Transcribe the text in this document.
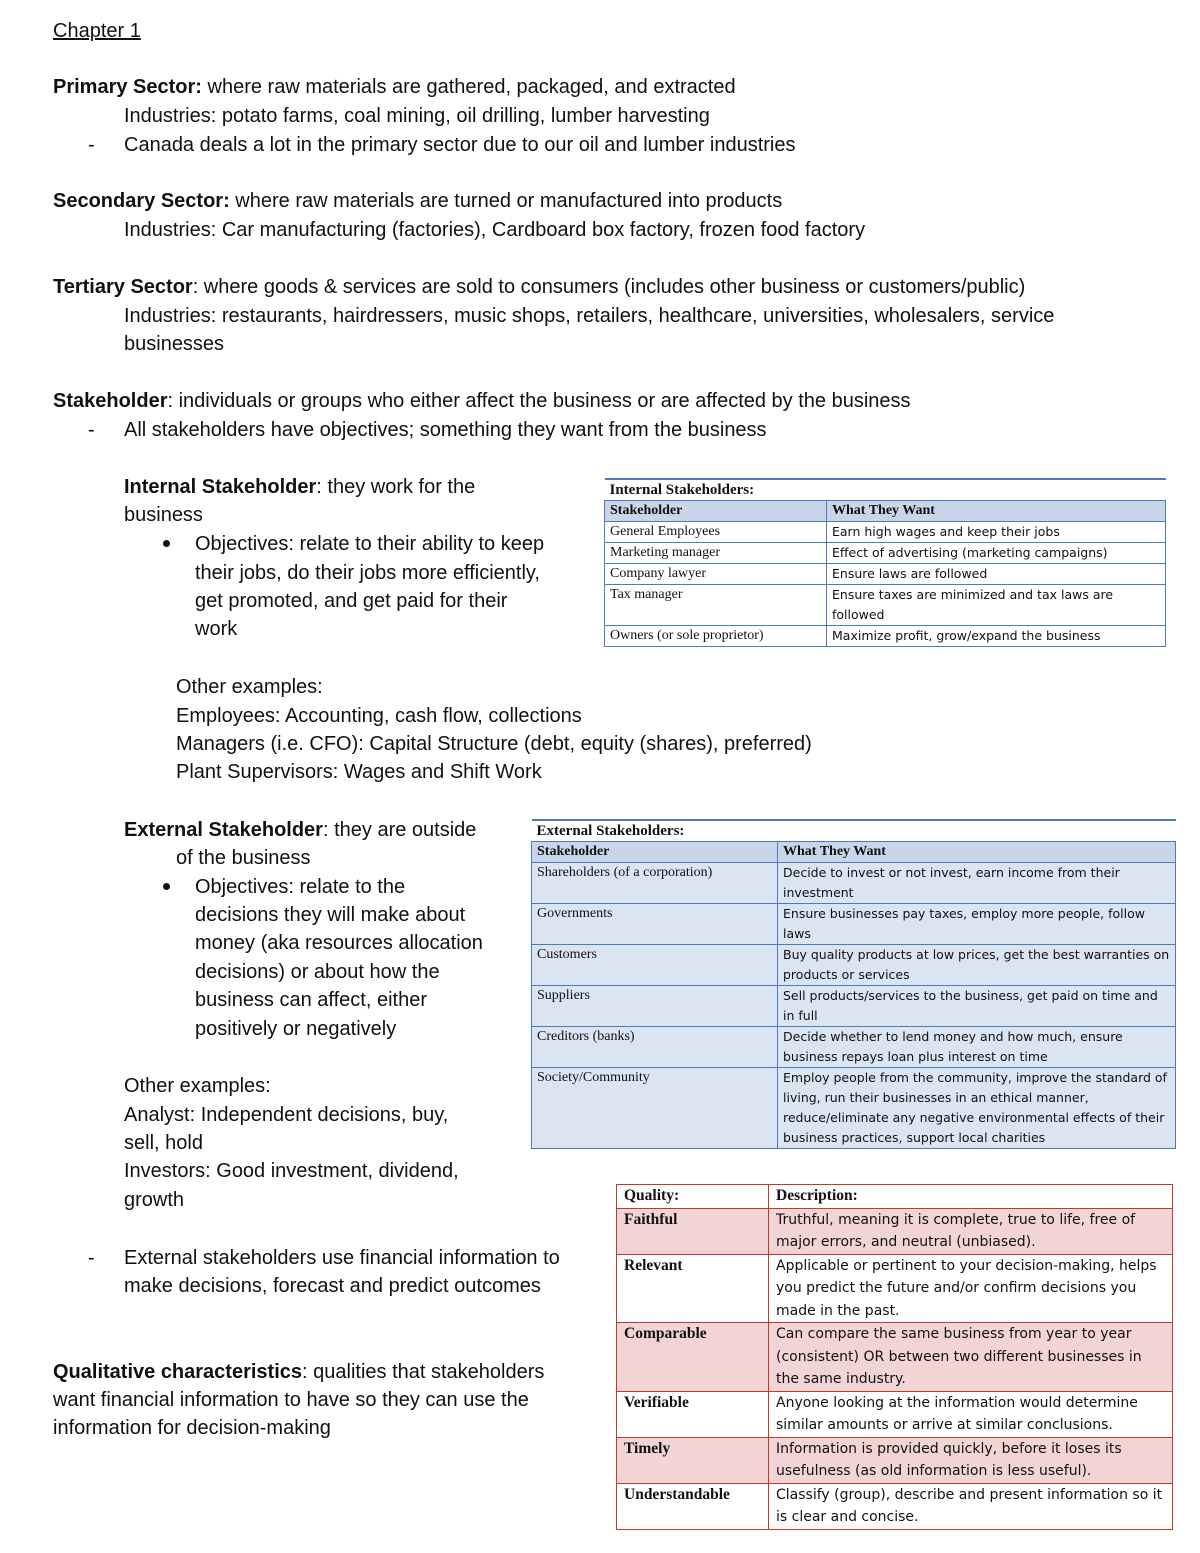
Chapter 1
Primary Sector: where raw materials are gathered, packaged, and extracted
Industries: potato farms, coal mining, oil drilling, lumber harvesting
- Canada deals a lot in the primary sector due to our oil and lumber industries
Secondary Sector: where raw materials are turned or manufactured into products
Industries: Car manufacturing (factories), Cardboard box factory, frozen food factory
Tertiary Sector: where goods & services are sold to consumers (includes other business or customers/public)
Industries: restaurants, hairdressers, music shops, retailers, healthcare, universities, wholesalers, service
businesses
Stakeholder: individuals or groups who either affect the business or are affected by the business
- All stakeholders have objectives; something they want from the business
Internal Stakeholder: they work for the
business
Objectives: relate to their ability to keep
their jobs, do their jobs more efficiently,
get promoted, and get paid for their
work
Other examples:
Employees: Accounting, cash flow, collections
Managers (i.e. CFO): Capital Structure (debt, equity (shares), preferred)
Plant Supervisors: Wages and Shift Work
Internal Stakeholders:	
Stakeholder	What They Want
General Employees	Earn high wages and keep their jobs
Marketing manager	Effect of advertising (marketing campaigns)
Company lawyer	Ensure laws are followed
Tax manager	Ensure taxes are minimized and tax laws are followed
Owners (or sole proprietor)	Maximize profit, grow/expand the business
External Stakeholder: they are outside
of the business
Objectives: relate to the
decisions they will make about
money (aka resources allocation
decisions) or about how the
business can affect, either
positively or negatively
Other examples:
Analyst: Independent decisions, buy,
sell, hold
Investors: Good investment, dividend,
growth
- External stakeholders use financial information to
make decisions, forecast and predict outcomes
External Stakeholders:	
Stakeholder	What They Want
Shareholders (of a corporation)	Decide to invest or not invest, earn income from their investment
Governments	Ensure businesses pay taxes, employ more people, follow laws
Customers	Buy quality products at low prices, get the best warranties on products or services
Suppliers	Sell products/services to the business, get paid on time and in full
Creditors (banks)	Decide whether to lend money and how much, ensure business repays loan plus interest on time
Society/Community	Employ people from the community, improve the standard of living, run their businesses in an ethical manner, reduce/eliminate any negative environmental effects of their business practices, support local charities
Qualitative characteristics: qualities that stakeholders
want financial information to have so they can use the
information for decision-making
Quality:	Description:
Faithful	Truthful, meaning it is complete, true to life, free of major errors, and neutral (unbiased).
Relevant	Applicable or pertinent to your decision-making, helps you predict the future and/or confirm decisions you made in the past.
Comparable	Can compare the same business from year to year (consistent) OR between two different businesses in the same industry.
Verifiable	Anyone looking at the information would determine similar amounts or arrive at similar conclusions.
Timely	Information is provided quickly, before it loses its usefulness (as old information is less useful).
Understandable	Classify (group), describe and present information so it is clear and concise.
